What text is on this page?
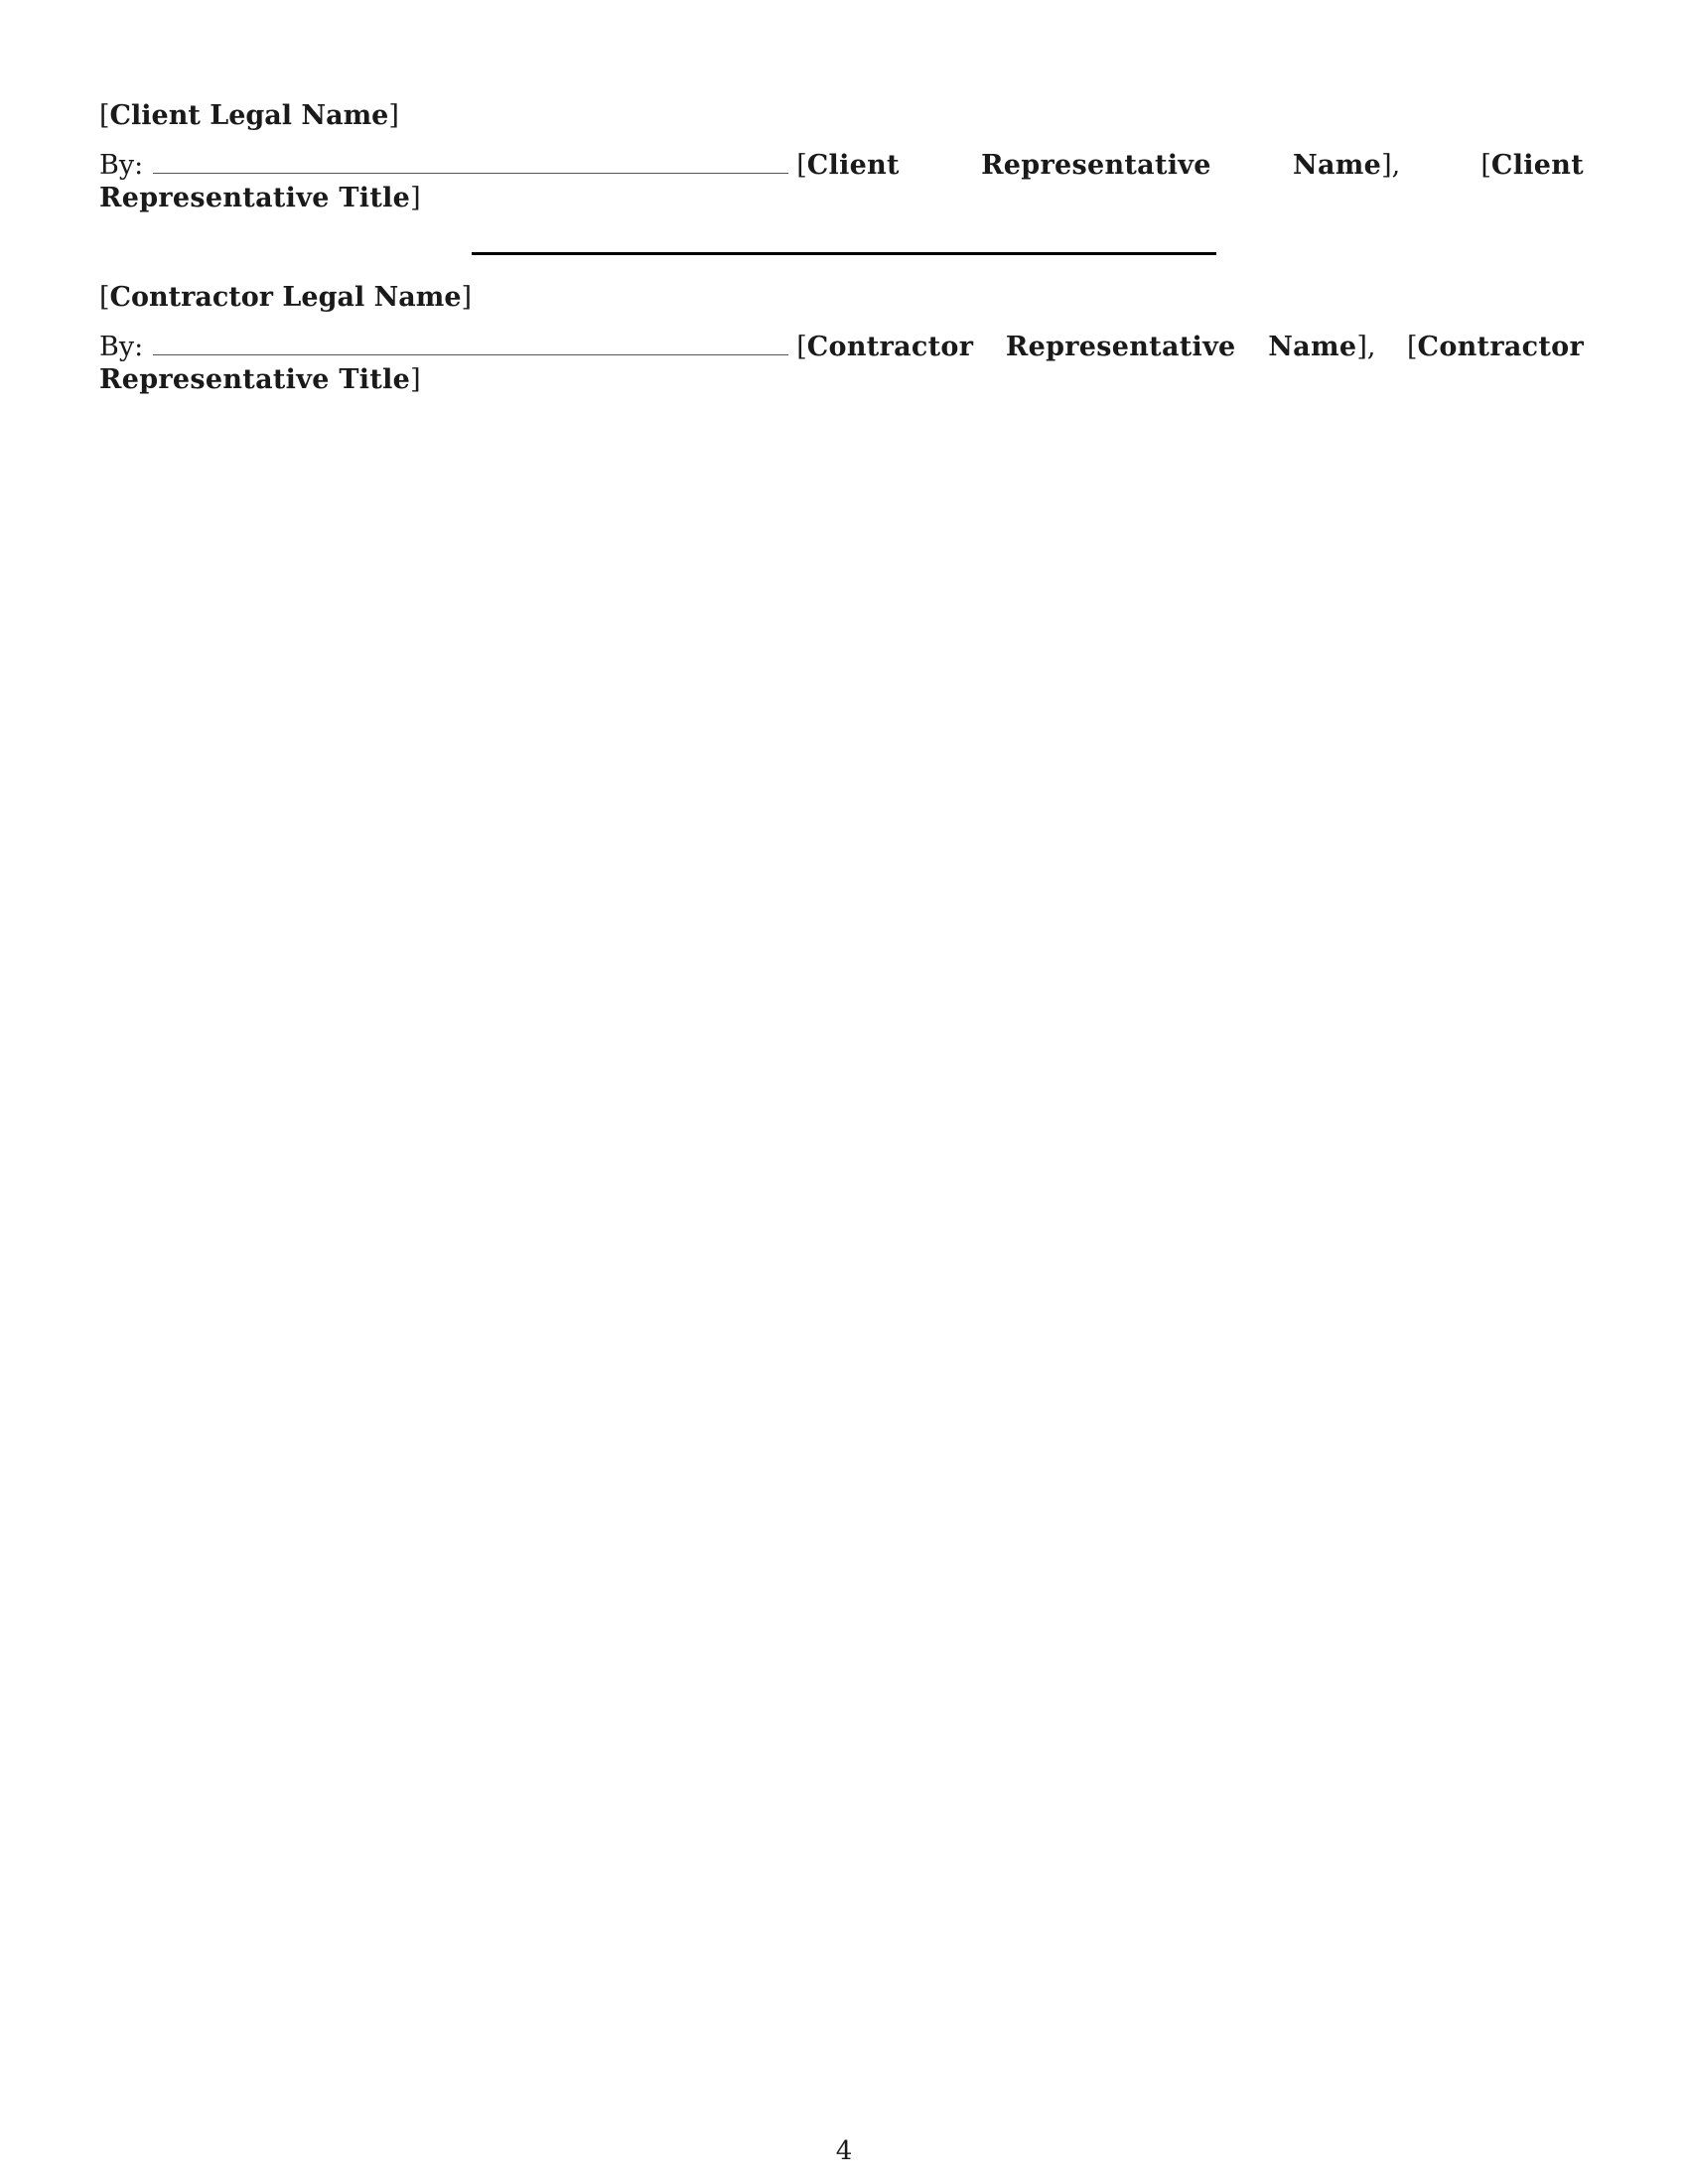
[Client Legal Name]

By:	[Client Representative Name], [Client Representative Title]

[Contractor Legal Name]

By:	[Contractor Representative Name], [Contractor Representative Title]

4
